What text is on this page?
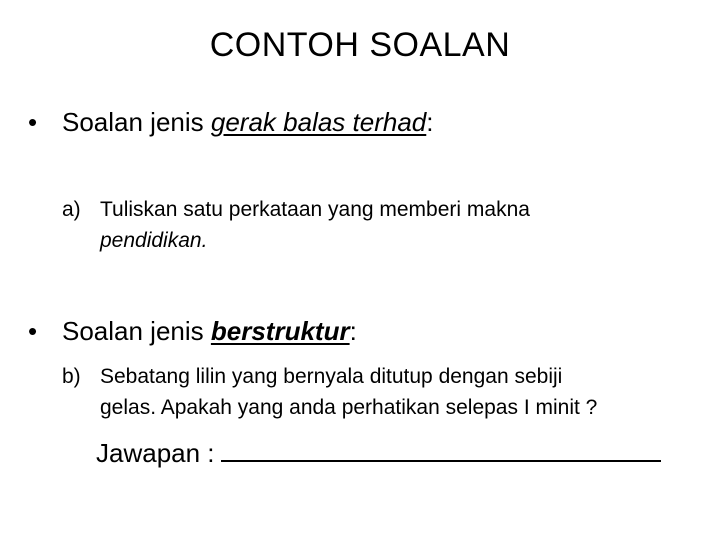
CONTOH SOALAN
• Soalan jenis gerak balas terhad:
a) Tuliskan satu perkataan yang memberi makna
pendidikan.
• Soalan jenis berstruktur:
b) Sebatang lilin yang bernyala ditutup dengan sebiji
gelas. Apakah yang anda perhatikan selepas I minit ?
Jawapan :
